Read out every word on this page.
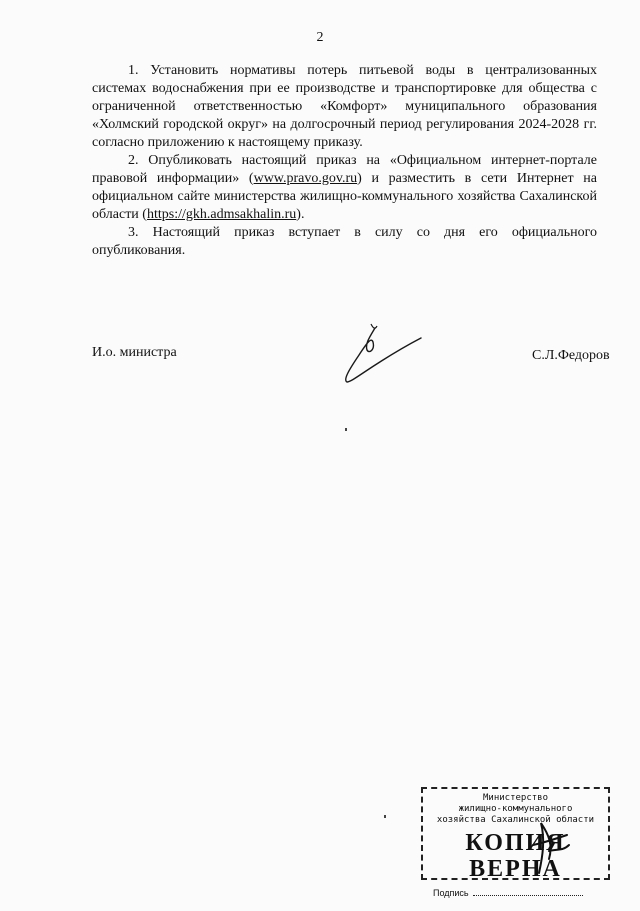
2

1. Установить нормативы потерь питьевой воды в централизованных системах водоснабжения при ее производстве и транспортировке для общества с ограниченной ответственностью «Комфорт» муниципального образования «Холмский городской округ» на долгосрочный период регулирования 2024-2028 гг. согласно приложению к настоящему приказу.

2. Опубликовать настоящий приказ на «Официальном интернет-портале правовой информации» (www.pravo.gov.ru) и разместить в сети Интернет на официальном сайте министерства жилищно-коммунального хозяйства Сахалинской области (https://gkh.admsakhalin.ru).

3. Настоящий приказ вступает в силу со дня его официального опубликования.

И.о. министра	С.Л.Федоров
Министерство
жилищно-коммунального
хозяйства Сахалинской области
КОПИЯ ВЕРНА
Подпись
